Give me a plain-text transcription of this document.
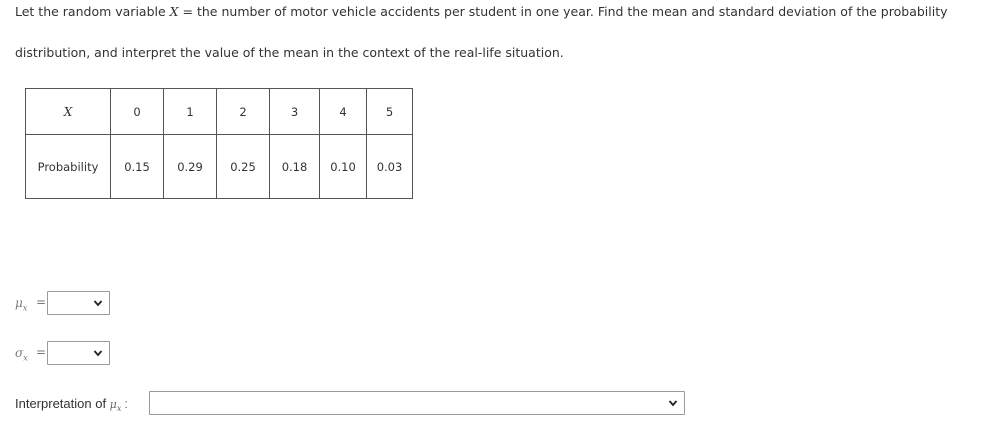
Let the random variable X = the number of motor vehicle accidents per student in one year. Find the mean and standard deviation of the probability
distribution, and interpret the value of the mean in the context of the real-life situation.
X	0	1	2	3	4	5
Probability	0.15	0.29	0.25	0.18	0.10	0.03
$\mu_x$ =
$\sigma_x$ =
Interpretation of $\mu_x$ :
